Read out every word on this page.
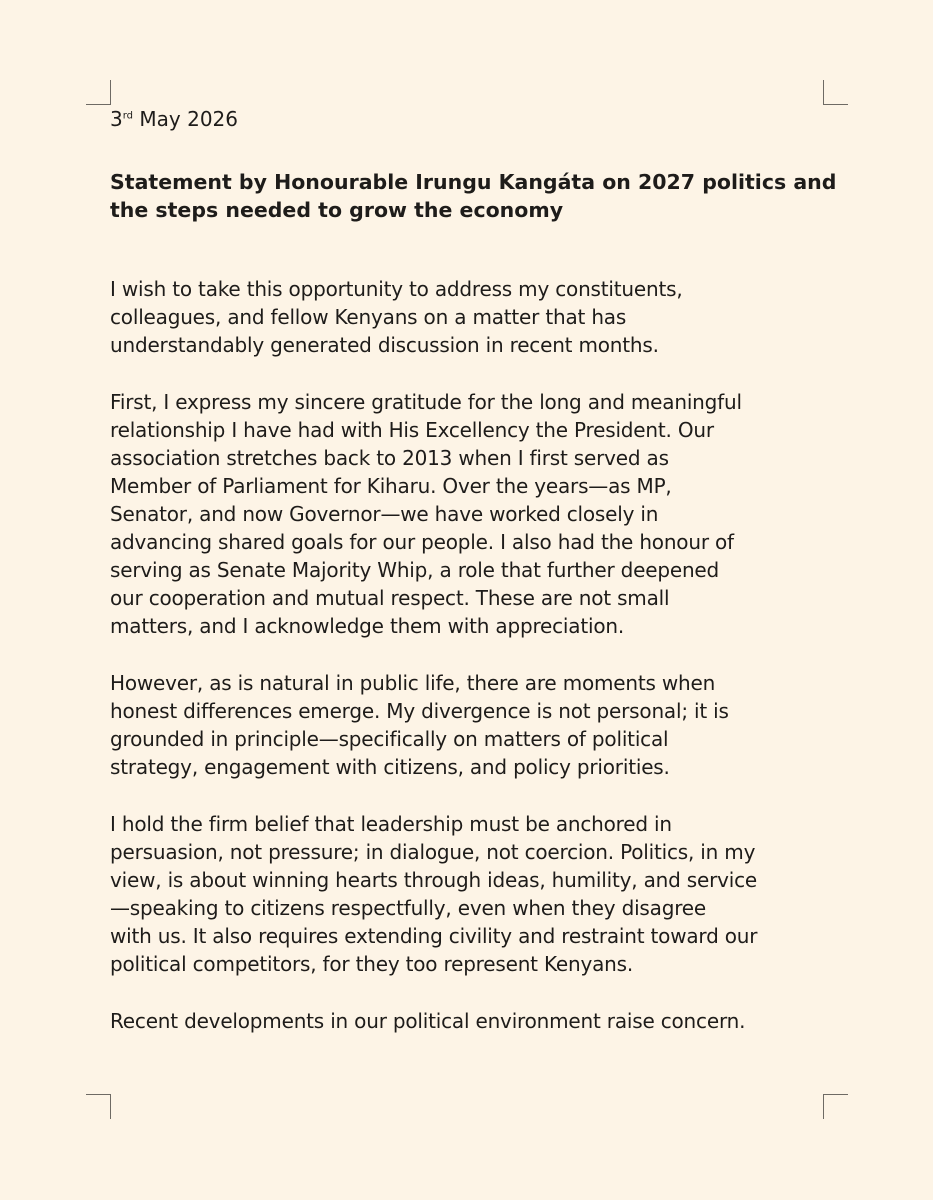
3rd May 2026

Statement by Honourable Irungu Kangáta on 2027 politics and
the steps needed to grow the economy

I wish to take this opportunity to address my constituents,
colleagues, and fellow Kenyans on a matter that has
understandably generated discussion in recent months.

First, I express my sincere gratitude for the long and meaningful
relationship I have had with His Excellency the President. Our
association stretches back to 2013 when I first served as
Member of Parliament for Kiharu. Over the years—as MP,
Senator, and now Governor—we have worked closely in
advancing shared goals for our people. I also had the honour of
serving as Senate Majority Whip, a role that further deepened
our cooperation and mutual respect. These are not small
matters, and I acknowledge them with appreciation.

However, as is natural in public life, there are moments when
honest differences emerge. My divergence is not personal; it is
grounded in principle—specifically on matters of political
strategy, engagement with citizens, and policy priorities.

I hold the firm belief that leadership must be anchored in
persuasion, not pressure; in dialogue, not coercion. Politics, in my
view, is about winning hearts through ideas, humility, and service
—speaking to citizens respectfully, even when they disagree
with us. It also requires extending civility and restraint toward our
political competitors, for they too represent Kenyans.

Recent developments in our political environment raise concern.
